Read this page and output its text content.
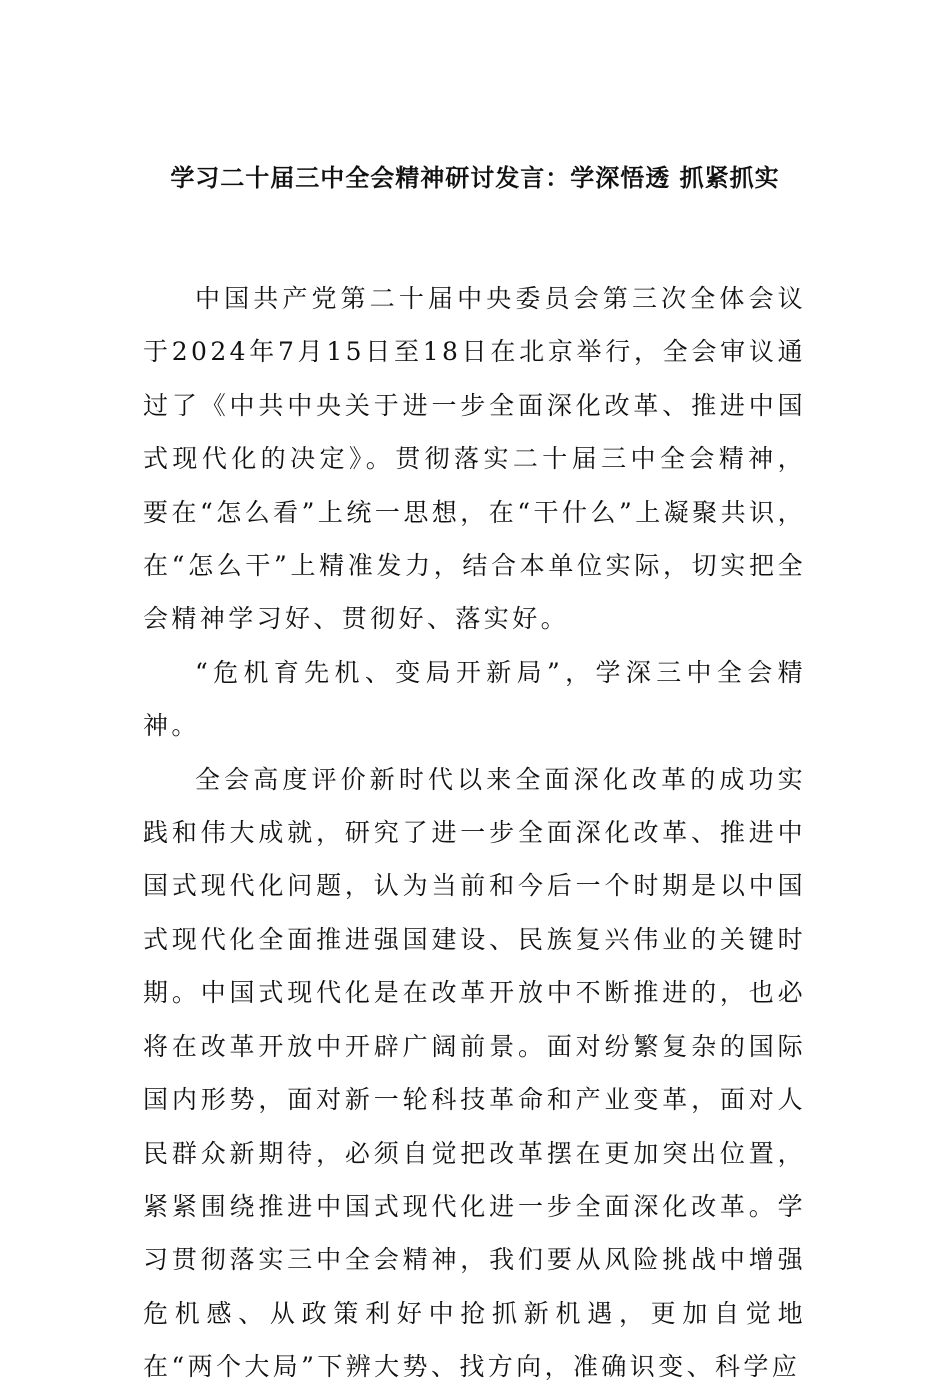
学习二十届三中全会精神研讨发言：学深悟透 抓紧抓实

中国共产党第二十届中央委员会第三次全体会议于2024年7月15日至18日在北京举行，全会审议通过了《中共中央关于进一步全面深化改革、推进中国式现代化的决定》。贯彻落实二十届三中全会精神，要在“怎么看”上统一思想，在“干什么”上凝聚共识，在“怎么干”上精准发力，结合本单位实际，切实把全会精神学习好、贯彻好、落实好。

“危机育先机、变局开新局”，学深三中全会精神。

全会高度评价新时代以来全面深化改革的成功实践和伟大成就，研究了进一步全面深化改革、推进中国式现代化问题，认为当前和今后一个时期是以中国式现代化全面推进强国建设、民族复兴伟业的关键时期。中国式现代化是在改革开放中不断推进的，也必将在改革开放中开辟广阔前景。面对纷繁复杂的国际国内形势，面对新一轮科技革命和产业变革，面对人民群众新期待，必须自觉把改革摆在更加突出位置，紧紧围绕推进中国式现代化进一步全面深化改革。学习贯彻落实三中全会精神，我们要从风险挑战中增强危机感、从政策利好中抢抓新机遇，更加自觉地在“两个大局”下辨大势、找方向，准确识变、科学应
